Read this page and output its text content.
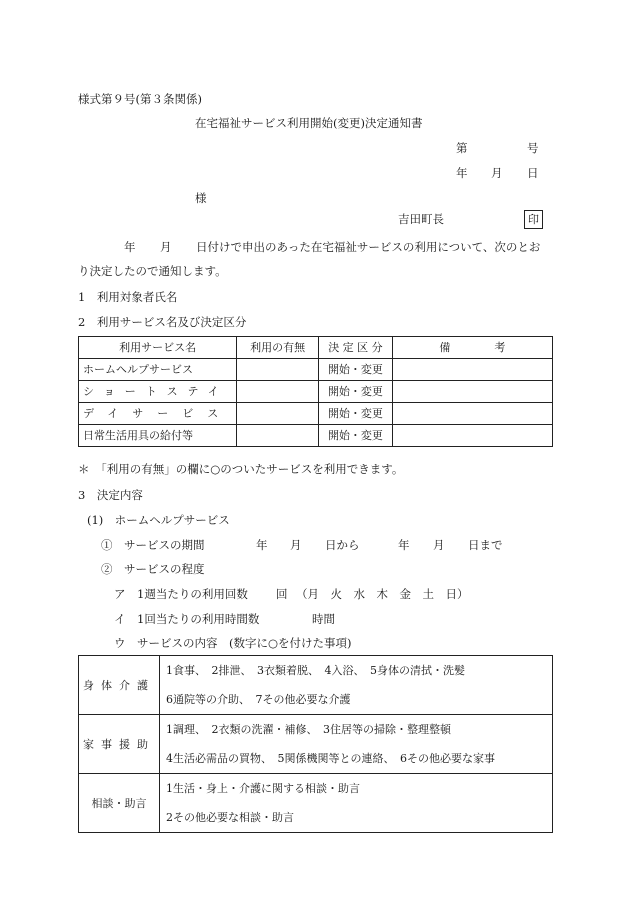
様式第９号(第３条関係)
在宅福祉サービス利用開始(変更)決定通知書
第	号
年 月 日
様
吉田町長	印
年 月 日付けで申出のあった在宅福祉サービスの利用について、次のとお
り決定したので通知します。
1　利用対象者氏名
2　利用サービス名及び決定区分
利用サービス名	利用の有無	決 定 区 分	備　　　　考
ホームヘルプサービス		開始・変更	
ショートステイ		開始・変更	
デイサービス		開始・変更	
日常生活用具の給付等		開始・変更	
＊　「利用の有無」の欄に○のついたサービスを利用できます。
3　決定内容
(1)　ホームヘルプサービス
①　サービスの期間	年 月 日から	年 月 日まで
②　サービスの程度
ア　1週当たりの利用回数 回 （月　火　水　木　金　土　日）
イ　1回当たりの利用時間数	時間
ウ　サービスの内容　(数字に○を付けた事項)
身体介護	1食事、　2排泄、　3衣類着脱、　4入浴、　5身体の清拭・洗髪
6通院等の介助、　7その他必要な介護

家事援助	1調理、　2衣類の洗濯・補修、　3住居等の掃除・整理整頓
4生活必需品の買物、　5関係機関等との連絡、　6その他必要な家事

相談・助言	1生活・身上・介護に関する相談・助言
2その他必要な相談・助言
